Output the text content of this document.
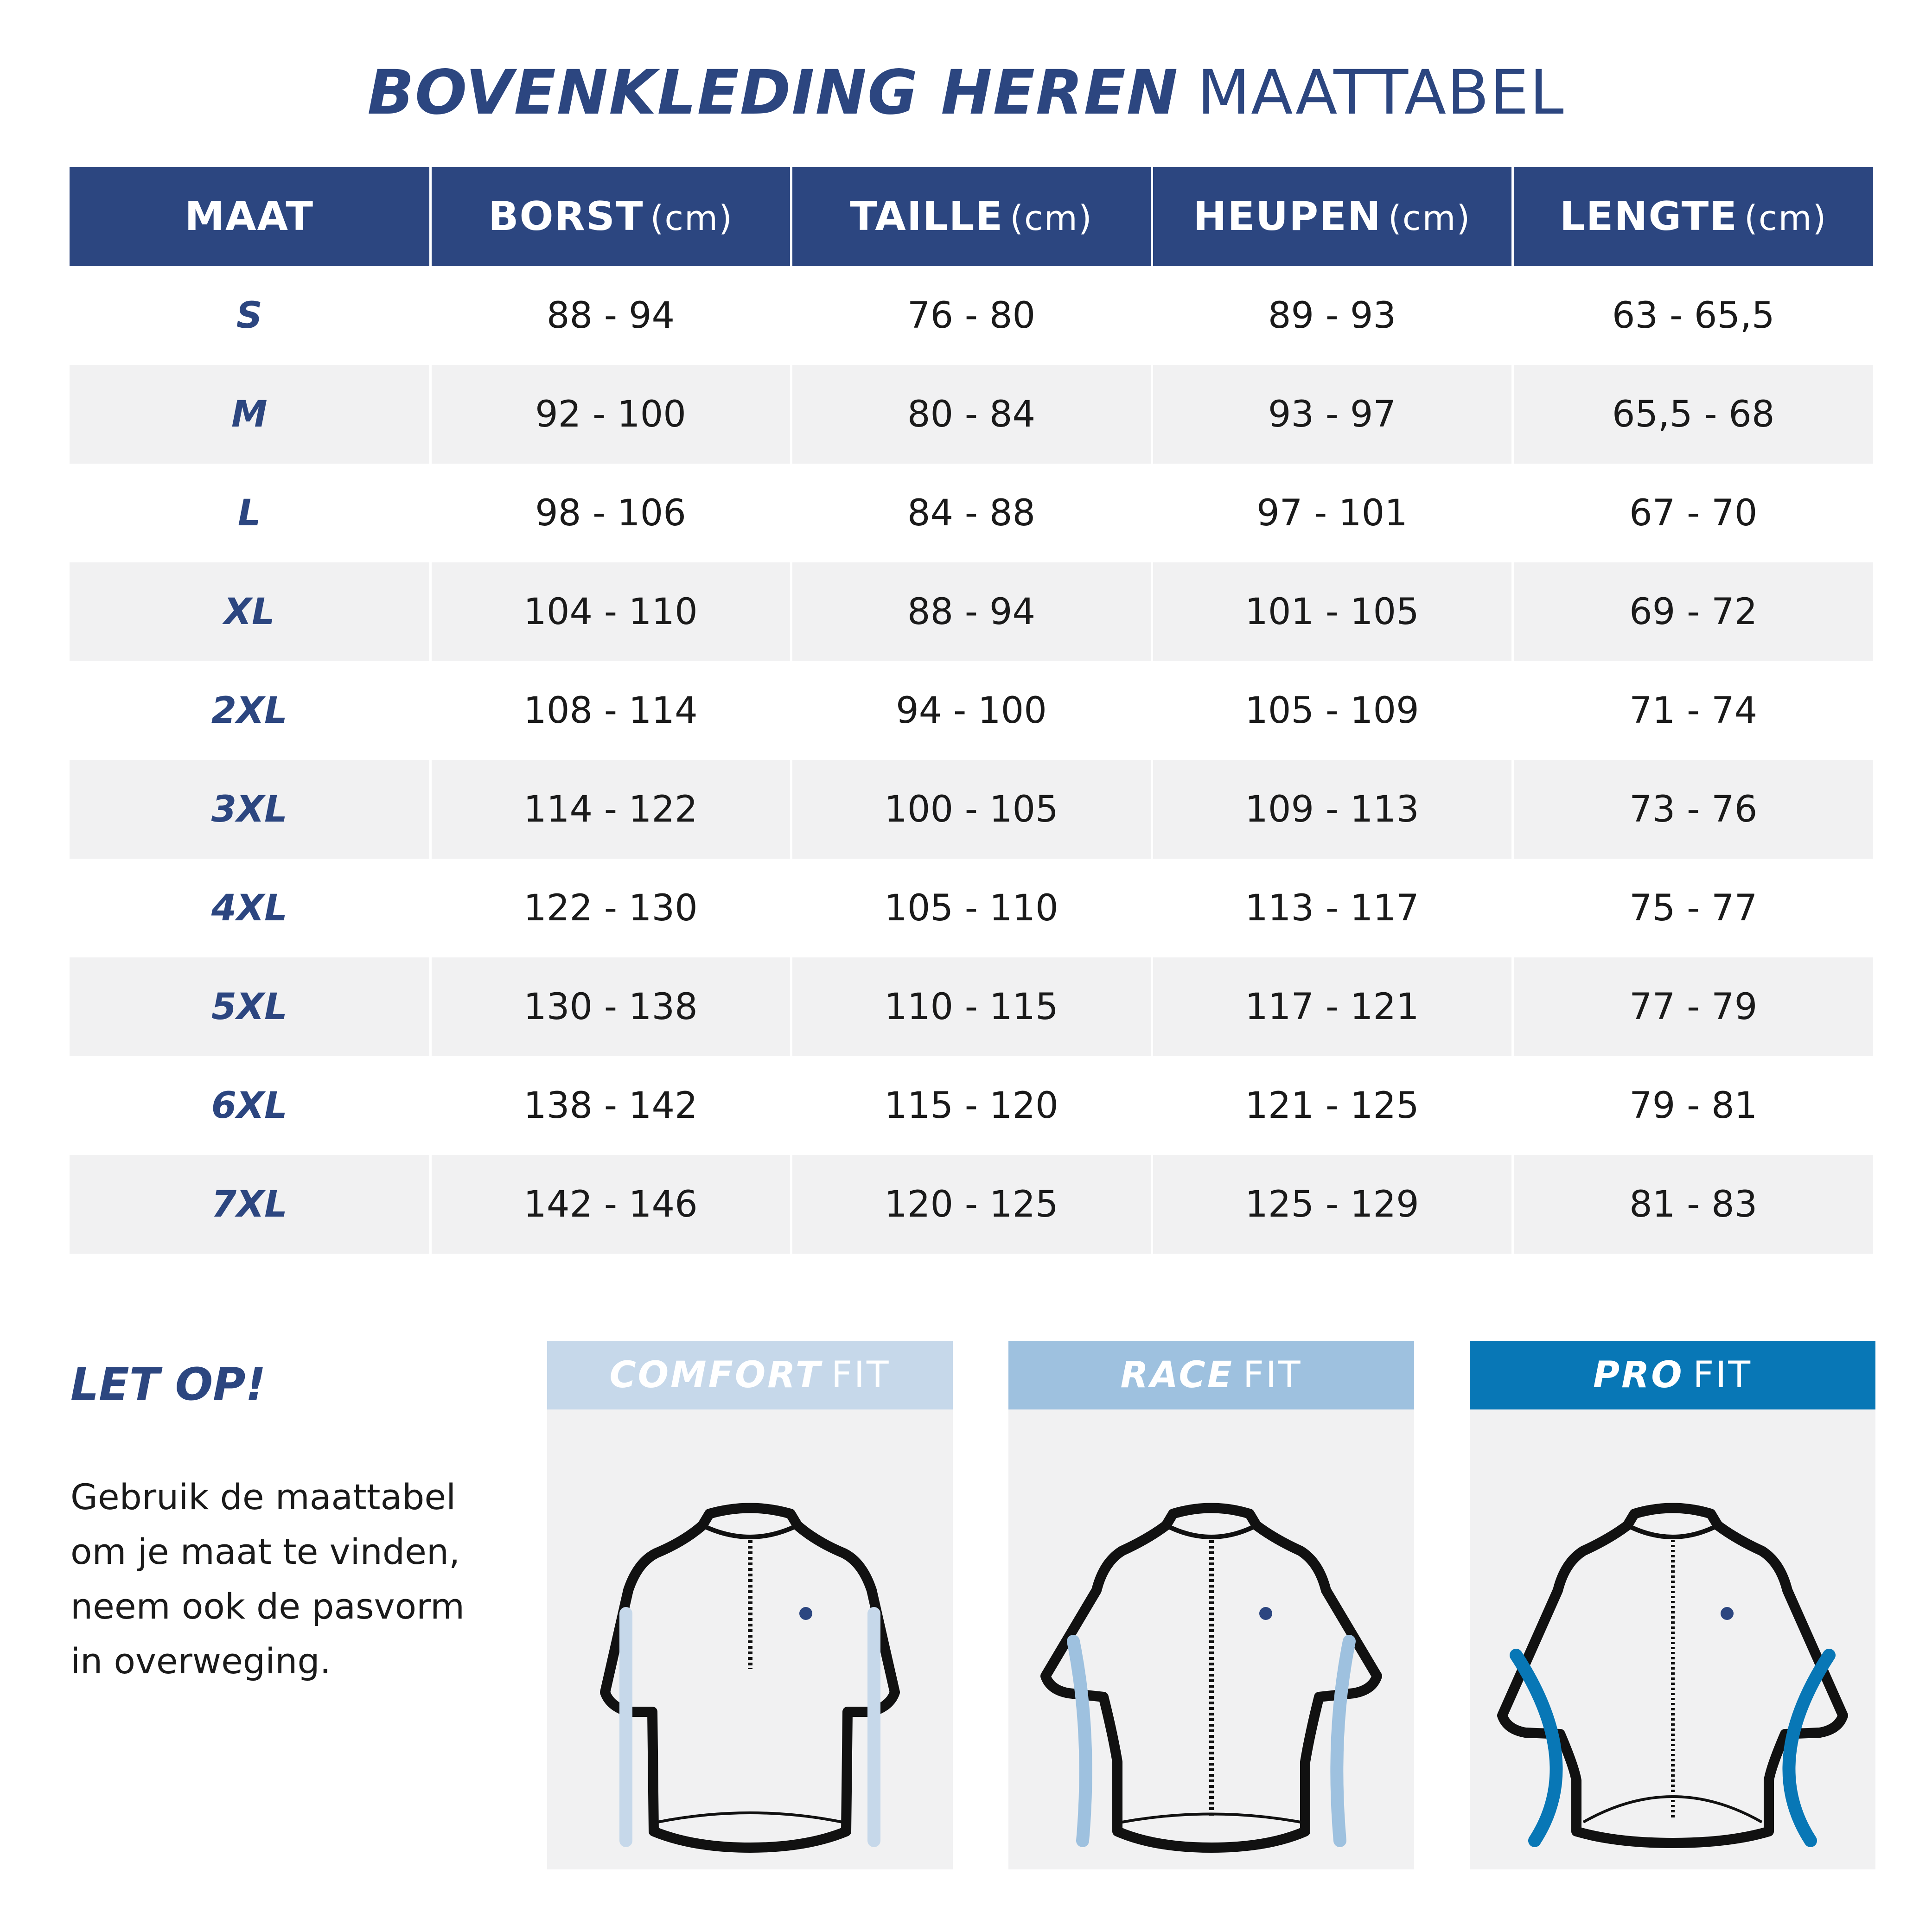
BOVENKLEDING HEREN MAATTABEL
MAAT	BORST (cm)	TAILLE (cm)	HEUPEN (cm)	LENGTE (cm)
S	88 - 94	76 - 80	89 - 93	63 - 65,5
M	92 - 100	80 - 84	93 - 97	65,5 - 68
L	98 - 106	84 - 88	97 - 101	67 - 70
XL	104 - 110	88 - 94	101 - 105	69 - 72
2XL	108 - 114	94 - 100	105 - 109	71 - 74
3XL	114 - 122	100 - 105	109 - 113	73 - 76
4XL	122 - 130	105 - 110	113 - 117	75 - 77
5XL	130 - 138	110 - 115	117 - 121	77 - 79
6XL	138 - 142	115 - 120	121 - 125	79 - 81
7XL	142 - 146	120 - 125	125 - 129	81 - 83
LET OP!
Gebruik de maattabel
om je maat te vinden,
neem ook de pasvorm
in overweging.
COMFORT FIT	RACE FIT	PRO FIT
